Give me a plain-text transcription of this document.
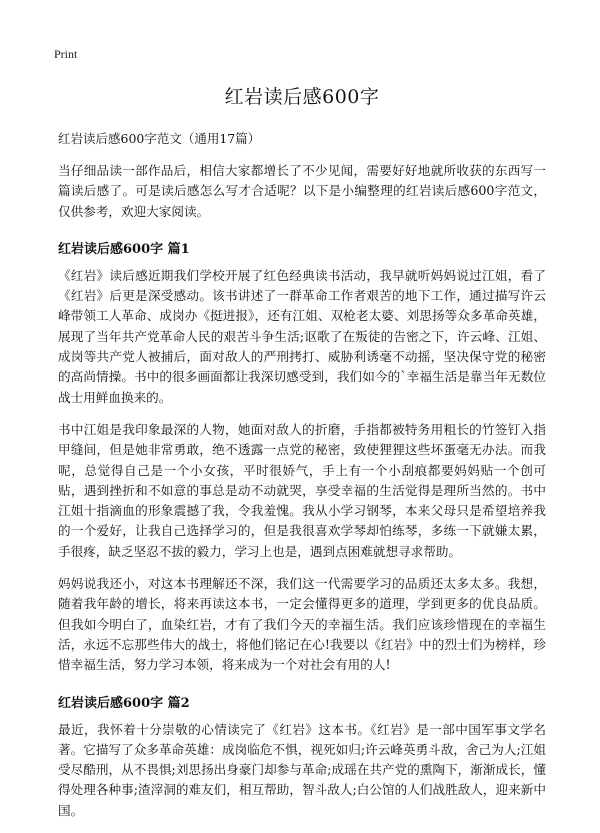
Print
红岩读后感600字
红岩读后感600字范文（通用17篇）

当仔细品读一部作品后，相信大家都增长了不少见闻，需要好好地就所收获的东西写一篇读后感了。可是读后感怎么写才合适呢？以下是小编整理的红岩读后感600字范文，仅供参考，欢迎大家阅读。

红岩读后感600字 篇1

《红岩》读后感近期我们学校开展了红色经典读书活动，我早就听妈妈说过江姐，看了《红岩》后更是深受感动。该书讲述了一群革命工作者艰苦的地下工作，通过描写许云峰带领工人革命、成岗办《挺进报》，还有江姐、双枪老太婆、刘思扬等众多革命英雄，展现了当年共产党革命人民的艰苦斗争生活;讴歌了在叛徒的告密之下，许云峰、江姐、成岗等共产党人被捕后，面对敌人的严刑拷打、威胁利诱毫不动摇，坚决保守党的秘密的高尚情操。书中的很多画面都让我深切感受到，我们如今的`幸福生活是靠当年无数位战士用鲜血换来的。

书中江姐是我印象最深的人物，她面对敌人的折磨，手指都被特务用粗长的竹签钉入指甲缝间，但是她非常勇敢，绝不透露一点党的秘密，致使狸狸这些坏蛋毫无办法。而我呢，总觉得自己是一个小女孩，平时很娇气，手上有一个小刮痕都要妈妈贴一个创可贴，遇到挫折和不如意的事总是动不动就哭，享受幸福的生活觉得是理所当然的。书中江姐十指滴血的形象震撼了我，令我羞愧。我从小学习钢琴，本来父母只是希望培养我的一个爱好，让我自己选择学习的，但是我很喜欢学琴却怕练琴，多练一下就嫌太累，手很疼，缺乏坚忍不拔的毅力，学习上也是，遇到点困难就想寻求帮助。

妈妈说我还小，对这本书理解还不深，我们这一代需要学习的品质还太多太多。我想，随着我年龄的增长，将来再读这本书，一定会懂得更多的道理，学到更多的优良品质。但我如今明白了，血染红岩，才有了我们今天的幸福生活。我们应该珍惜现在的幸福生活，永远不忘那些伟大的战士，将他们铭记在心!我要以《红岩》中的烈士们为榜样，珍惜幸福生活，努力学习本领，将来成为一个对社会有用的人!

红岩读后感600字 篇2

最近，我怀着十分崇敬的心情读完了《红岩》这本书。《红岩》是一部中国军事文学名著。它描写了众多革命英雄：成岗临危不惧，视死如归;许云峰英勇斗敌，舍己为人;江姐受尽酷刑，从不畏惧;刘思扬出身豪门却参与革命;成瑶在共产党的熏陶下，渐渐成长，懂得处理各种事;渣滓洞的难友们，相互帮助，智斗敌人;白公馆的人们战胜敌人，迎来新中国。
